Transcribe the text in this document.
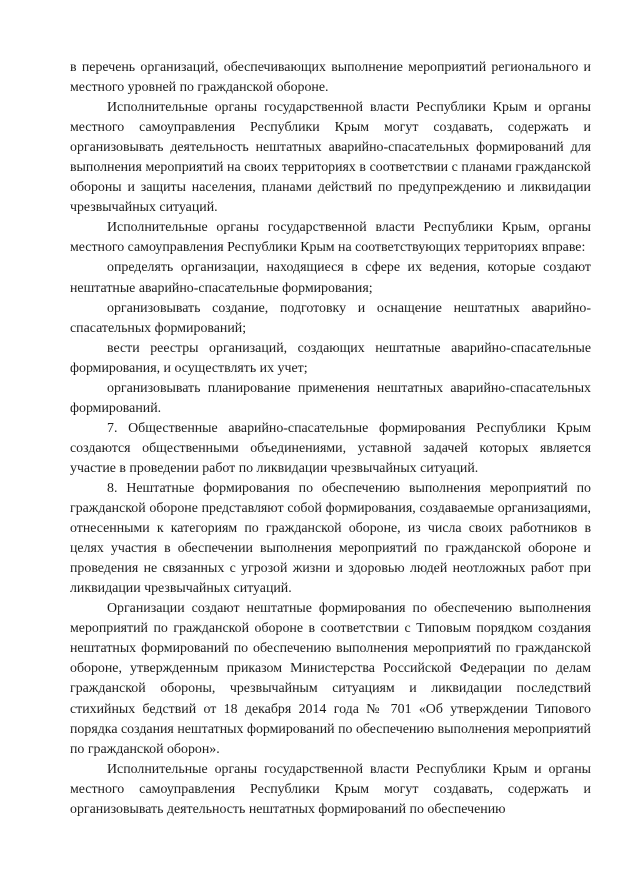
в перечень организаций, обеспечивающих выполнение мероприятий регионального и местного уровней по гражданской обороне.

Исполнительные органы государственной власти Республики Крым и органы местного самоуправления Республики Крым могут создавать, содержать и организовывать деятельность нештатных аварийно-спасательных формирований для выполнения мероприятий на своих территориях в соответствии с планами гражданской обороны и защиты населения, планами действий по предупреждению и ликвидации чрезвычайных ситуаций.

Исполнительные органы государственной власти Республики Крым, органы местного самоуправления Республики Крым на соответствующих территориях вправе:

определять организации, находящиеся в сфере их ведения, которые создают нештатные аварийно-спасательные формирования;

организовывать создание, подготовку и оснащение нештатных аварийно-спасательных формирований;

вести реестры организаций, создающих нештатные аварийно-спасательные формирования, и осуществлять их учет;

организовывать планирование применения нештатных аварийно-спасательных формирований.

7. Общественные аварийно-спасательные формирования Республики Крым создаются общественными объединениями, уставной задачей которых является участие в проведении работ по ликвидации чрезвычайных ситуаций.

8. Нештатные формирования по обеспечению выполнения мероприятий по гражданской обороне представляют собой формирования, создаваемые организациями, отнесенными к категориям по гражданской обороне, из числа своих работников в целях участия в обеспечении выполнения мероприятий по гражданской обороне и проведения не связанных с угрозой жизни и здоровью людей неотложных работ при ликвидации чрезвычайных ситуаций.

Организации создают нештатные формирования по обеспечению выполнения мероприятий по гражданской обороне в соответствии с Типовым порядком создания нештатных формирований по обеспечению выполнения мероприятий по гражданской обороне, утвержденным приказом Министерства Российской Федерации по делам гражданской обороны, чрезвычайным ситуациям и ликвидации последствий стихийных бедствий от 18 декабря 2014 года № 701 «Об утверждении Типового порядка создания нештатных формирований по обеспечению выполнения мероприятий по гражданской оборон».

Исполнительные органы государственной власти Республики Крым и органы местного самоуправления Республики Крым могут создавать, содержать и организовывать деятельность нештатных формирований по обеспечению
